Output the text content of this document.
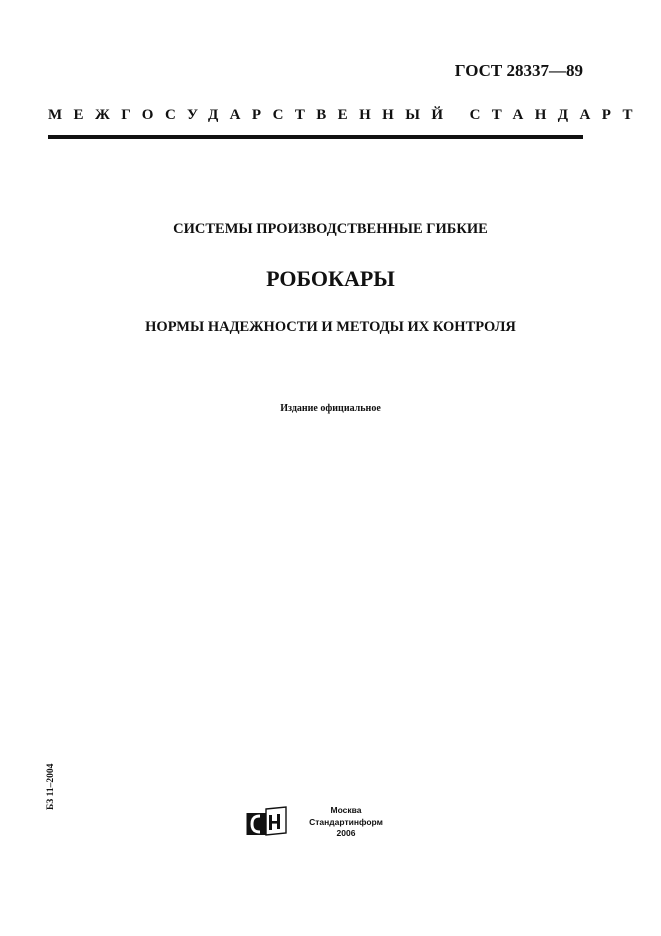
ГОСТ 28337—89
МЕЖГОСУДАРСТВЕННЫЙ СТАНДАРТ
СИСТЕМЫ ПРОИЗВОДСТВЕННЫЕ ГИБКИЕ
РОБОКАРЫ
НОРМЫ НАДЕЖНОСТИ И МЕТОДЫ ИХ КОНТРОЛЯ
Издание официальное
БЗ 11–2004	Москва
Стандартинформ
2006
